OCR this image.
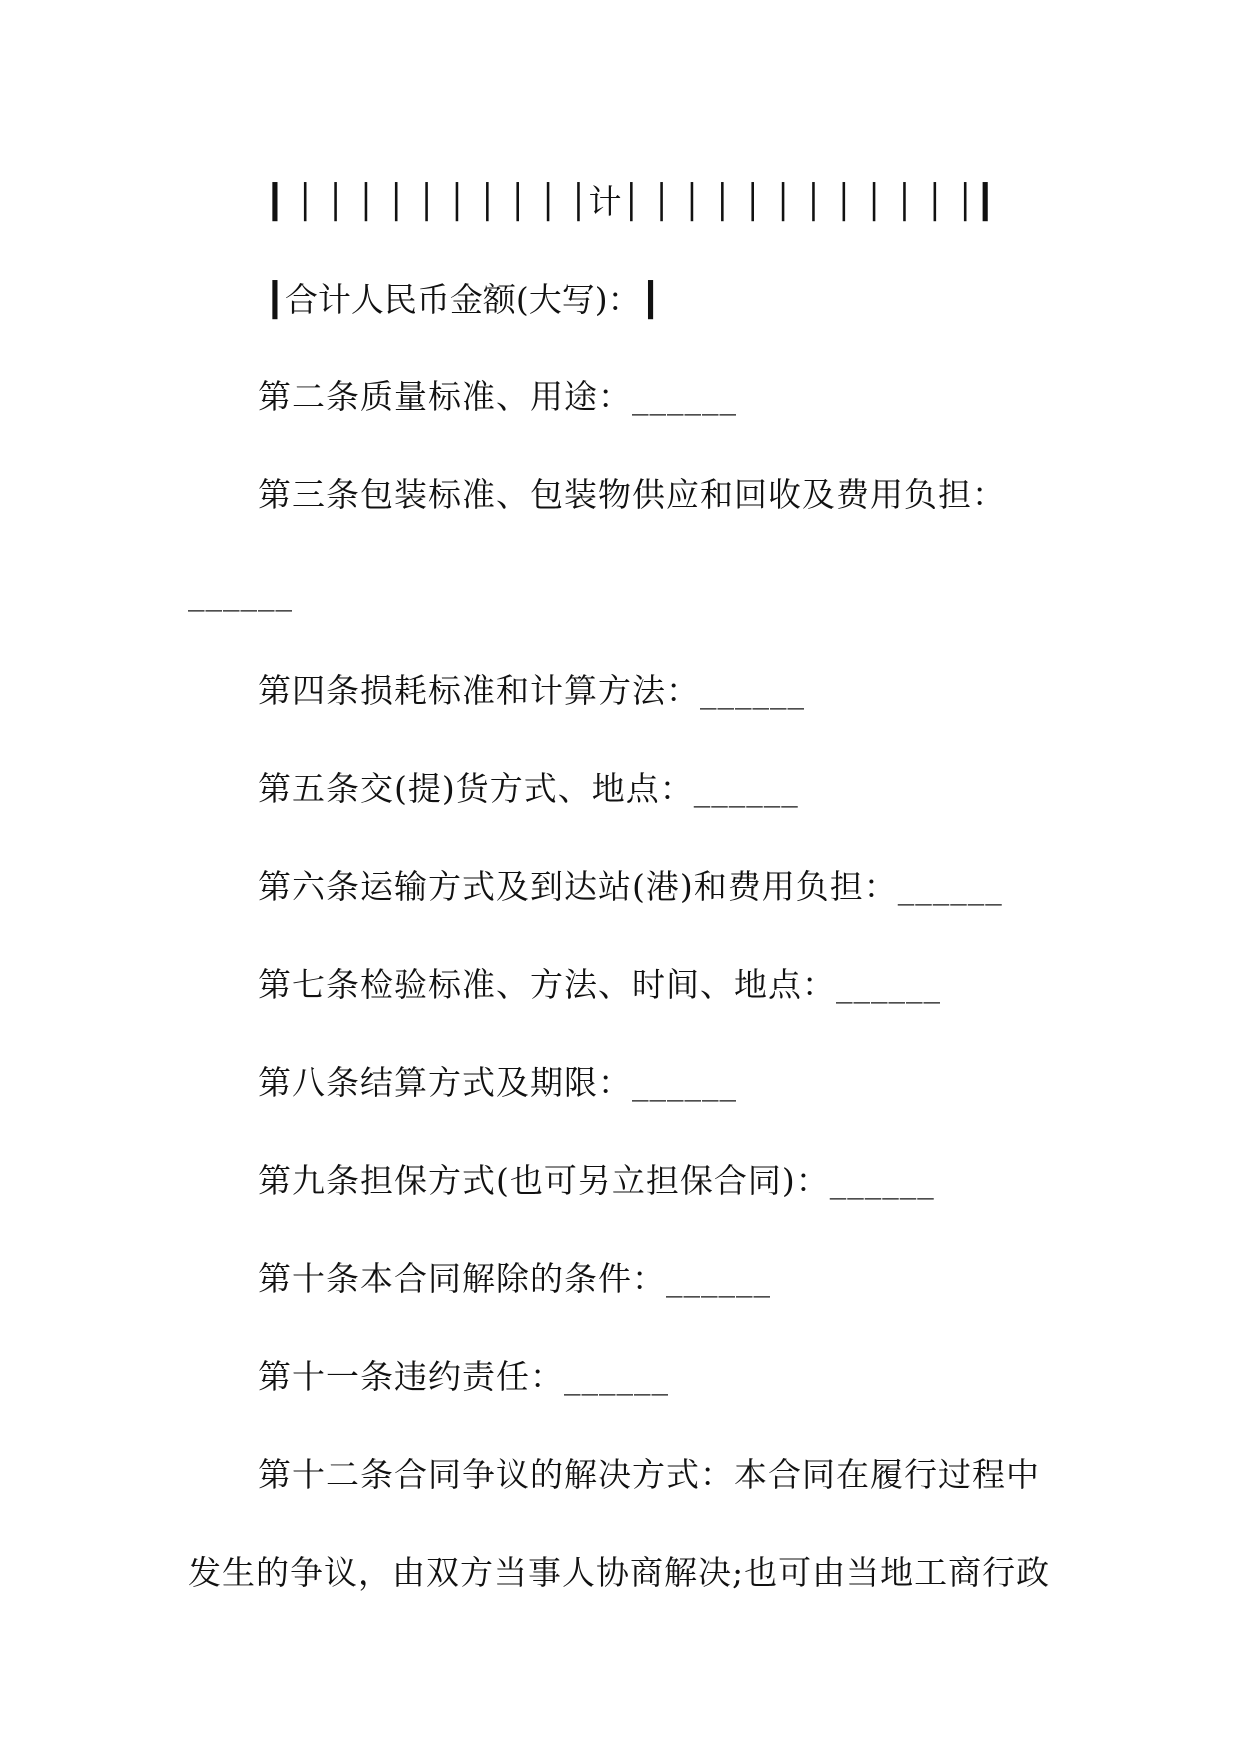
┃ │ │ │ │ │ │ │ │ │ │计│ │ │ │ │ │ │ │ │ │ │ │┃
┃合计人民币金额(大写)：┃
第二条质量标准、用途：______
第三条包装标准、包装物供应和回收及费用负担：
______
第四条损耗标准和计算方法：______
第五条交(提)货方式、地点：______
第六条运输方式及到达站(港)和费用负担：______
第七条检验标准、方法、时间、地点：______
第八条结算方式及期限：______
第九条担保方式(也可另立担保合同)：______
第十条本合同解除的条件：______
第十一条违约责任：______
第十二条合同争议的解决方式：本合同在履行过程中
发生的争议，由双方当事人协商解决;也可由当地工商行政
